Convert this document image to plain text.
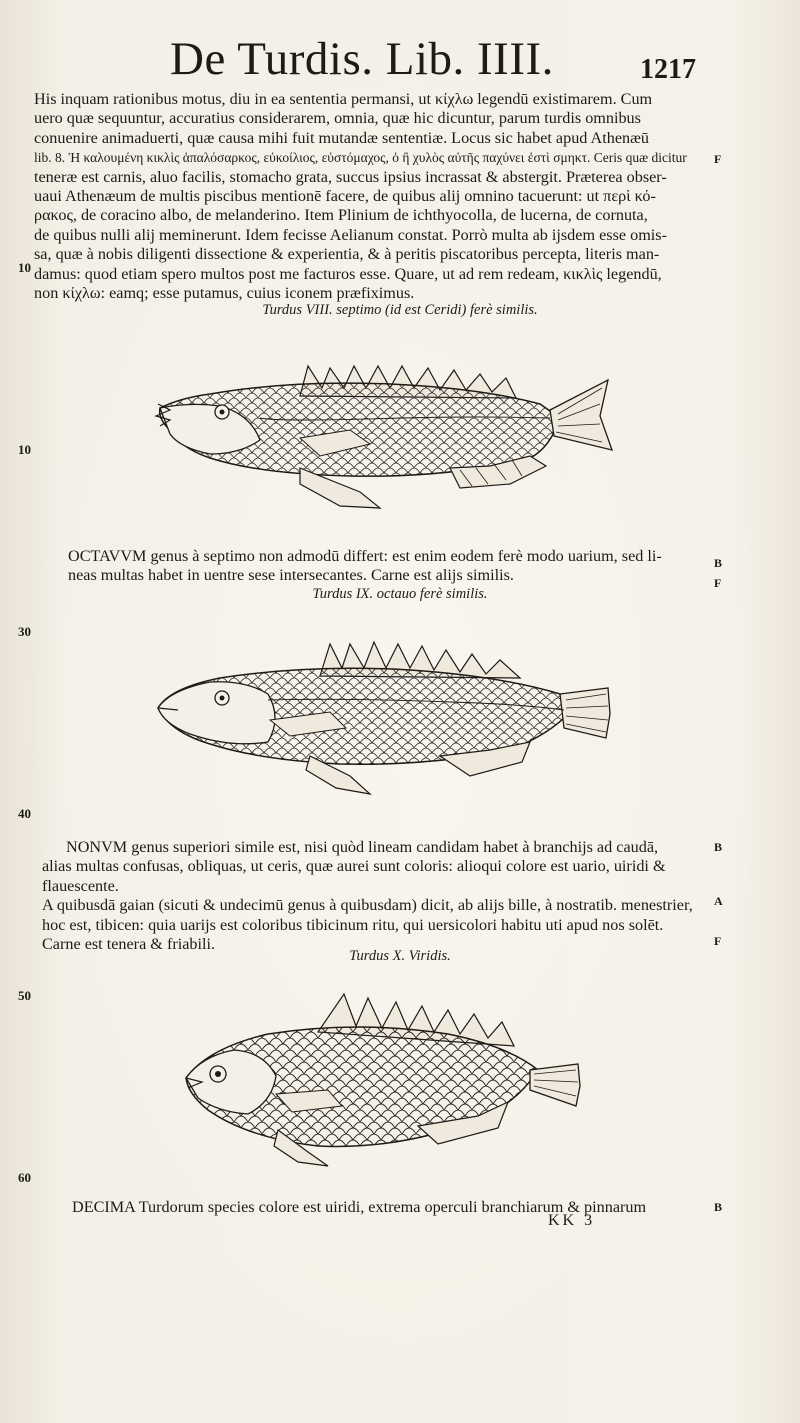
De Turdis. Lib. IIII.	1217
His inquam rationibus motus, diu in ea sententia permansi, ut κίχλω legendū existimarem. Cum
uero quæ sequuntur, accuratius considerarem, omnia, quæ hic dicuntur, parum turdis omnibus
conuenire animaduerti, quæ causa mihi fuit mutandæ sententiæ. Locus sic habet apud Athenæū
lib. 8. Ἡ καλουμένη κικλὶς ἁπαλόσαρκος, εὐκοίλιος, εὐστόμαχος, ὁ ἢ χυλὸς αὐτῆς παχύνει ἐστὶ σμηκτ. Ceris quæ dicitur
teneræ est carnis, aluo facilis, stomacho grata, succus ipsius incrassat & abstergit. Præterea obser-
uaui Athenæum de multis piscibus mentionē facere, de quibus alij omnino tacuerunt: ut περὶ κό-
ρακος, de coracino albo, de melanderino. Item Plinium de ichthyocolla, de lucerna, de cornuta,
de quibus nulli alij meminerunt. Idem fecisse Aelianum constat. Porrò multa ab ijsdem esse omis-
sa, quæ à nobis diligenti dissectione & experientia, & à peritis piscatoribus percepta, literis man-
damus: quod etiam spero multos post me facturos esse. Quare, ut ad rem redeam, κικλὶς legendū,
non κίχλω: eamq; esse putamus, cuius iconem præfiximus.
Turdus VIII. septimo (id est Ceridi) ferè similis.
OCTAVVM genus à septimo non admodū differt: est enim eodem ferè modo uarium, sed li-
neas multas habet in uentre sese intersecantes. Carne est alijs similis.
Turdus IX. octauo ferè similis.
NONVM genus superiori simile est, nisi quòd lineam candidam habet à branchijs ad caudā,
alias multas confusas, obliquas, ut ceris, quæ aurei sunt coloris: alioqui colore est uario, uiridi &
flauescente.
A quibusdā gaian (sicuti & undecimū genus à quibusdam) dicit, ab alijs bille, à nostratib. menestrier,
hoc est, tibicen: quia uarijs est coloribus tibicinum ritu, qui uersicolori habitu uti apud nos solēt.
Carne est tenera & friabili.
Turdus X. Viridis.
DECIMA Turdorum species colore est uiridi, extrema operculi branchiarum & pinnarum
KK 3
F
B
F
B
A
F
B
10
10
30
40
50
60
